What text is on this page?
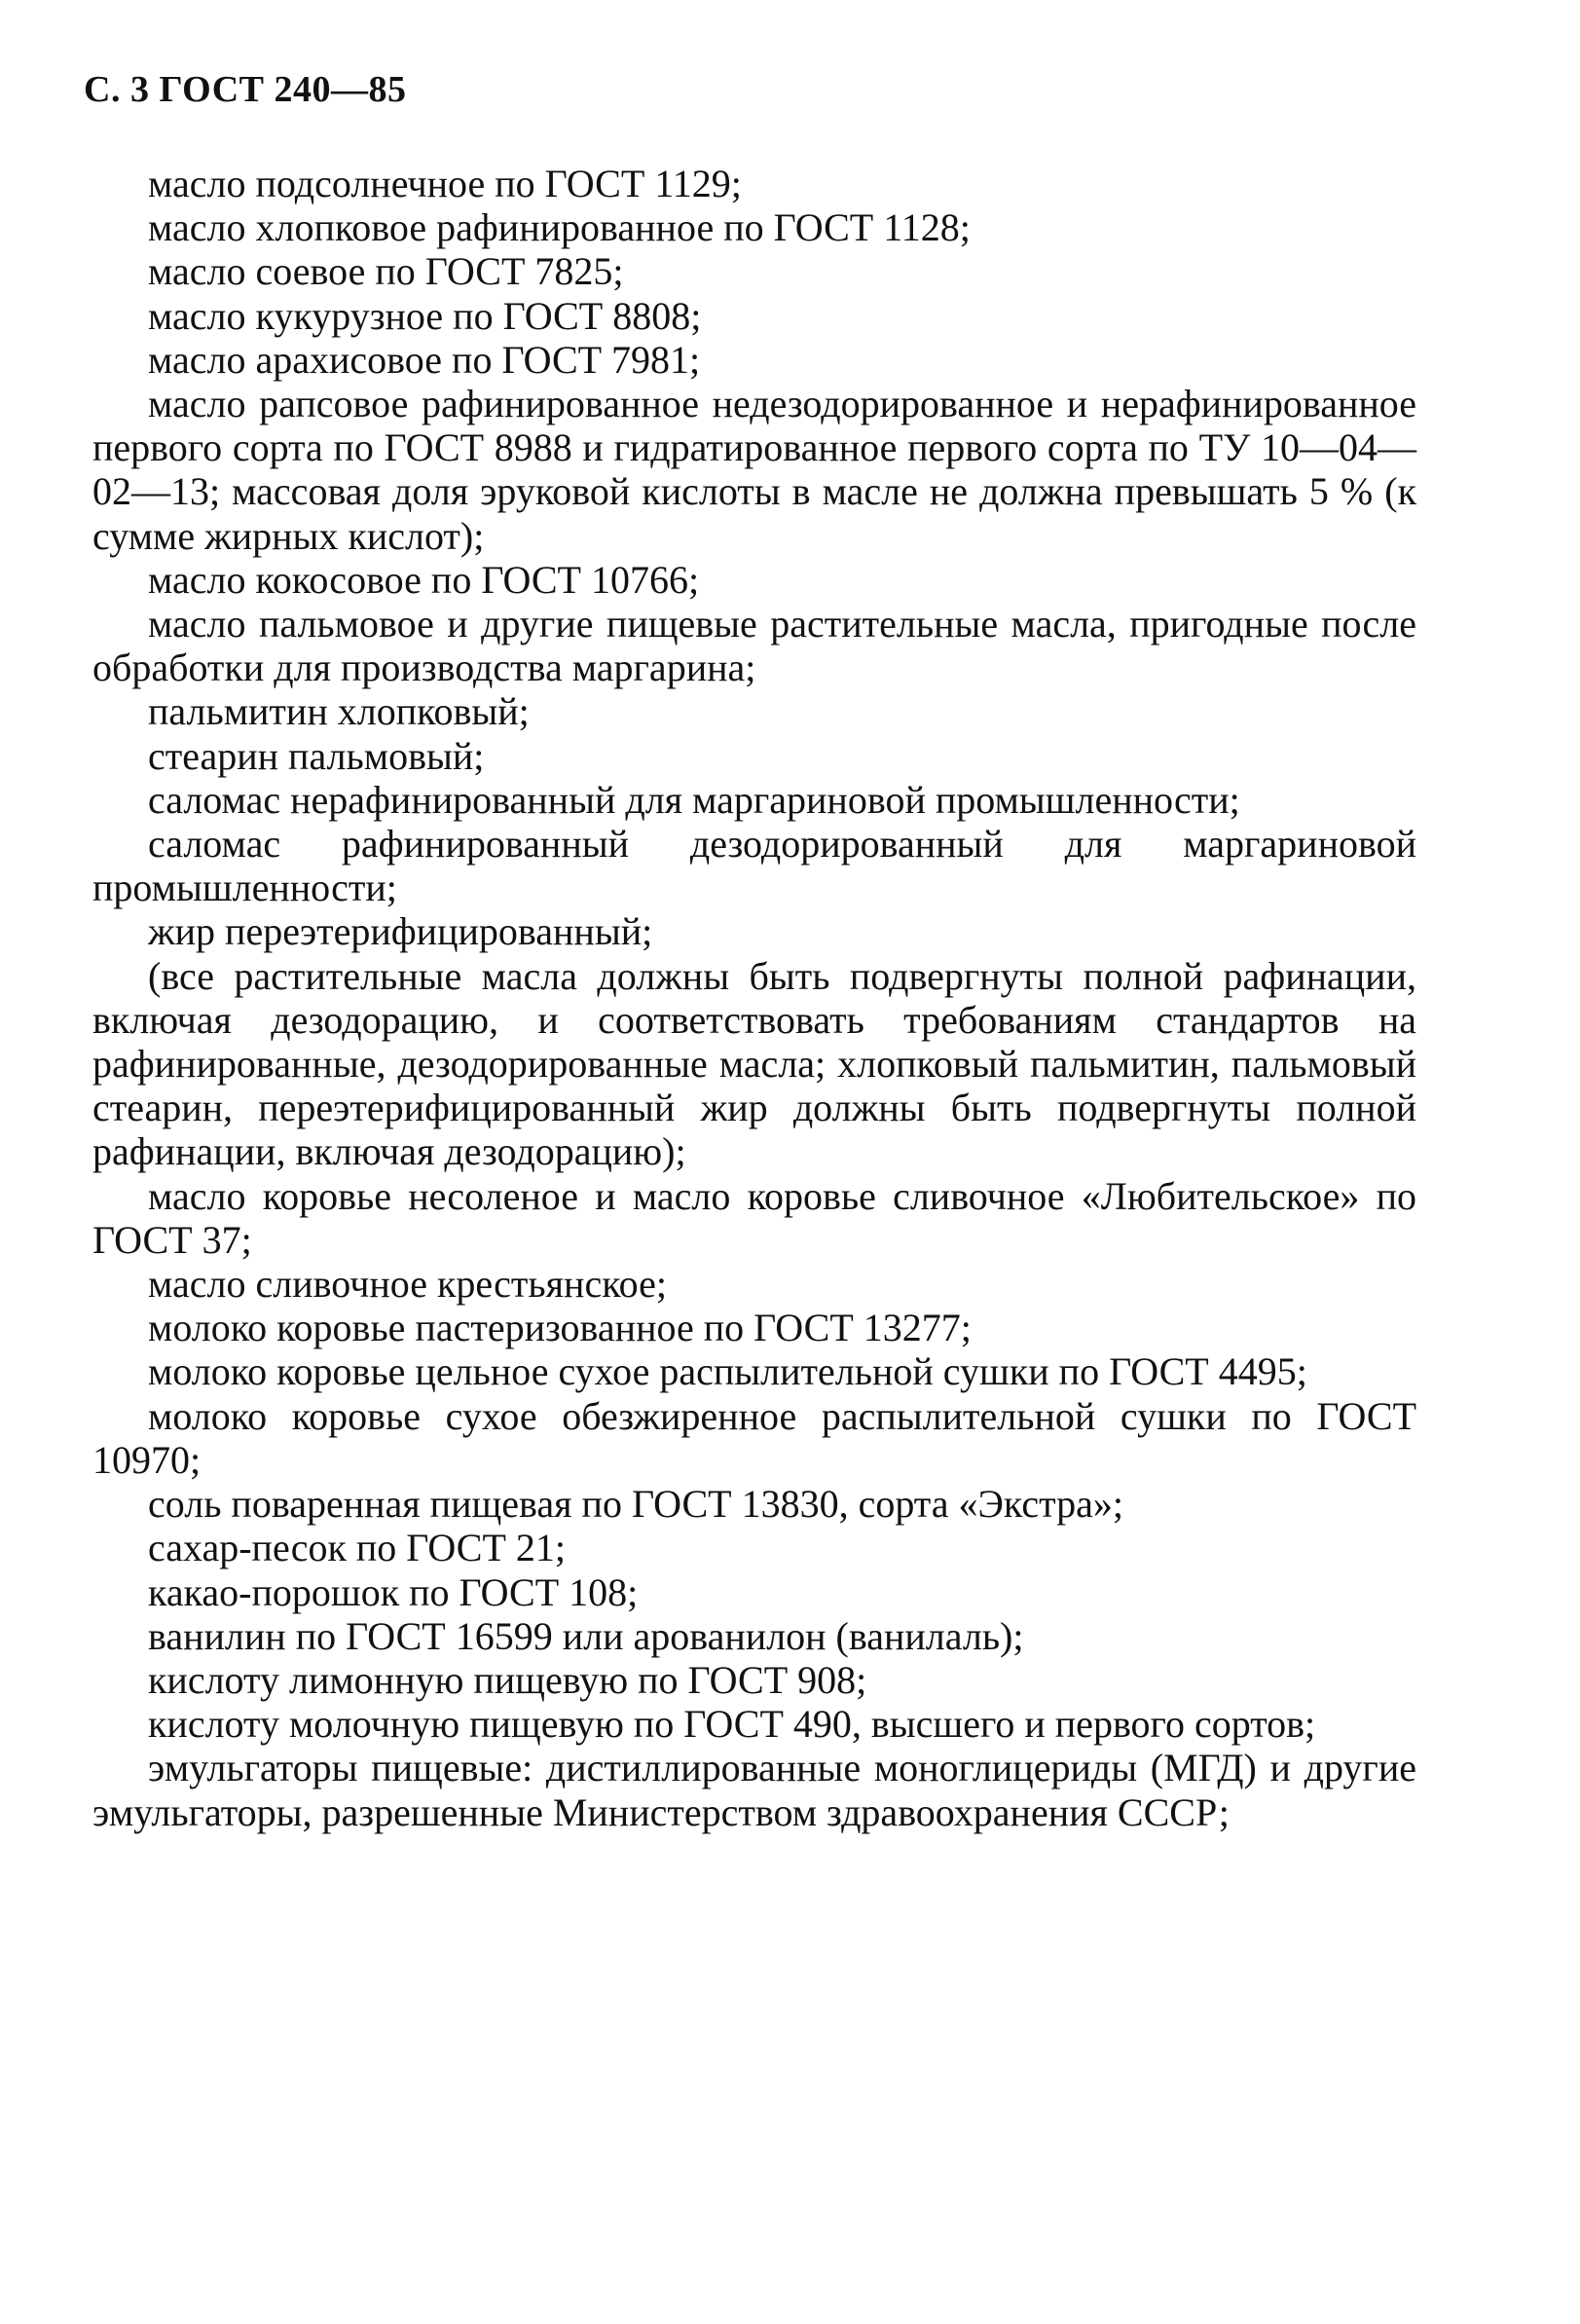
С. 3 ГОСТ 240—85

масло подсолнечное по ГОСТ 1129;

масло хлопковое рафинированное по ГОСТ 1128;

масло соевое по ГОСТ 7825;

масло кукурузное по ГОСТ 8808;

масло арахисовое по ГОСТ 7981;

масло рапсовое рафинированное недезодорированное и нерафинированное первого сорта по ГОСТ 8988 и гидратированное первого сорта по ТУ 10—04—02—13; массовая доля эруковой кислоты в масле не должна превышать 5 % (к сумме жирных кислот);

масло кокосовое по ГОСТ 10766;

масло пальмовое и другие пищевые растительные масла, пригодные после обработки для производства маргарина;

пальмитин хлопковый;

стеарин пальмовый;

саломас нерафинированный для маргариновой промышленности;

саломас рафинированный дезодорированный для маргариновой промышленности;

жир переэтерифицированный;

(все растительные масла должны быть подвергнуты полной рафинации, включая дезодорацию, и соответствовать требованиям стандартов на рафинированные, дезодорированные масла; хлопковый пальмитин, пальмовый стеарин, переэтерифицированный жир должны быть подвергнуты полной рафинации, включая дезодорацию);

масло коровье несоленое и масло коровье сливочное «Любительское» по ГОСТ 37;

масло сливочное крестьянское;

молоко коровье пастеризованное по ГОСТ 13277;

молоко коровье цельное сухое распылительной сушки по ГОСТ 4495;

молоко коровье сухое обезжиренное распылительной сушки по ГОСТ 10970;

соль поваренная пищевая по ГОСТ 13830, сорта «Экстра»;

сахар-песок по ГОСТ 21;

какао-порошок по ГОСТ 108;

ванилин по ГОСТ 16599 или арованилон (ванилаль);

кислоту лимонную пищевую по ГОСТ 908;

кислоту молочную пищевую по ГОСТ 490, высшего и первого сортов;

эмульгаторы пищевые: дистиллированные моноглицериды (МГД) и другие эмульгаторы, разрешенные Министерством здравоохранения СССР;
